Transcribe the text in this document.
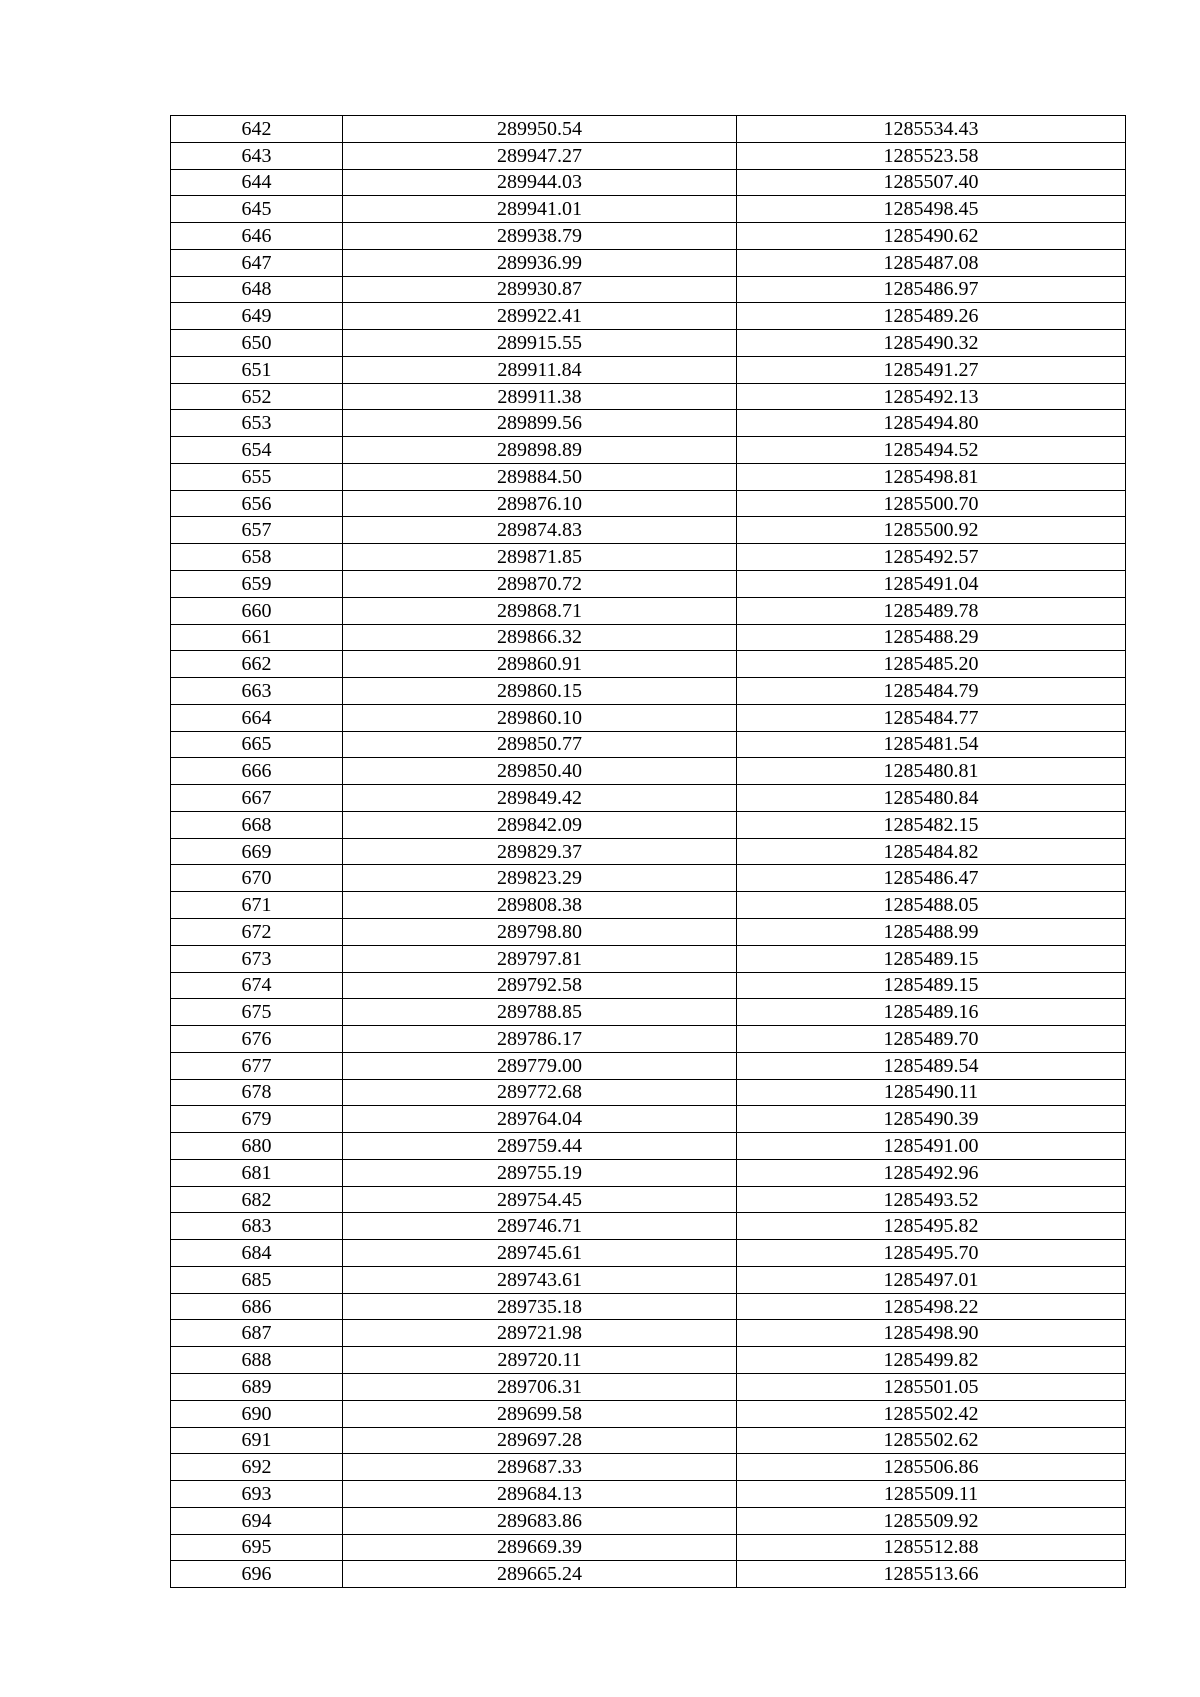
642	289950.54	1285534.43
643	289947.27	1285523.58
644	289944.03	1285507.40
645	289941.01	1285498.45
646	289938.79	1285490.62
647	289936.99	1285487.08
648	289930.87	1285486.97
649	289922.41	1285489.26
650	289915.55	1285490.32
651	289911.84	1285491.27
652	289911.38	1285492.13
653	289899.56	1285494.80
654	289898.89	1285494.52
655	289884.50	1285498.81
656	289876.10	1285500.70
657	289874.83	1285500.92
658	289871.85	1285492.57
659	289870.72	1285491.04
660	289868.71	1285489.78
661	289866.32	1285488.29
662	289860.91	1285485.20
663	289860.15	1285484.79
664	289860.10	1285484.77
665	289850.77	1285481.54
666	289850.40	1285480.81
667	289849.42	1285480.84
668	289842.09	1285482.15
669	289829.37	1285484.82
670	289823.29	1285486.47
671	289808.38	1285488.05
672	289798.80	1285488.99
673	289797.81	1285489.15
674	289792.58	1285489.15
675	289788.85	1285489.16
676	289786.17	1285489.70
677	289779.00	1285489.54
678	289772.68	1285490.11
679	289764.04	1285490.39
680	289759.44	1285491.00
681	289755.19	1285492.96
682	289754.45	1285493.52
683	289746.71	1285495.82
684	289745.61	1285495.70
685	289743.61	1285497.01
686	289735.18	1285498.22
687	289721.98	1285498.90
688	289720.11	1285499.82
689	289706.31	1285501.05
690	289699.58	1285502.42
691	289697.28	1285502.62
692	289687.33	1285506.86
693	289684.13	1285509.11
694	289683.86	1285509.92
695	289669.39	1285512.88
696	289665.24	1285513.66
